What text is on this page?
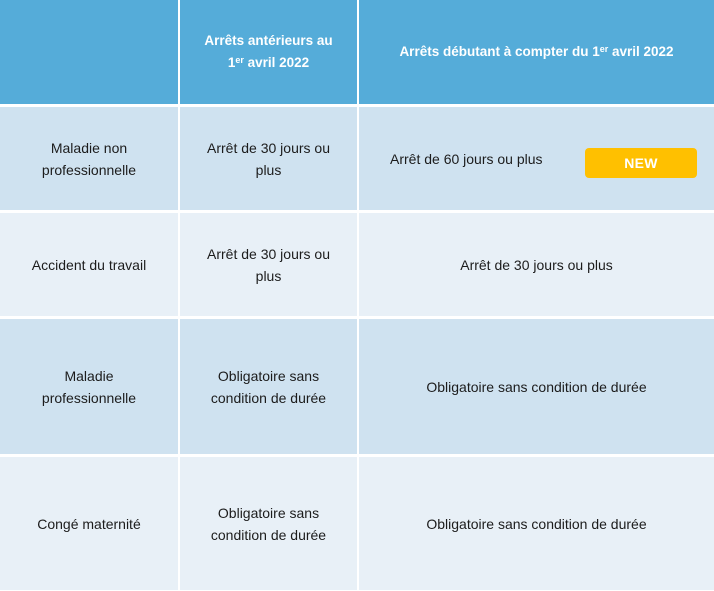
Arrêts antérieurs au 1er avril 2022
Arrêts débutant à compter du 1er avril 2022
Maladie non professionnelle
Arrêt de 30 jours ou plus
Arrêt de 60 jours ou plus	NEW
Accident du travail
Arrêt de 30 jours ou plus
Arrêt de 30 jours ou plus
Maladie professionnelle
Obligatoire sans condition de durée
Obligatoire sans condition de durée
Congé maternité
Obligatoire sans condition de durée
Obligatoire sans condition de durée
